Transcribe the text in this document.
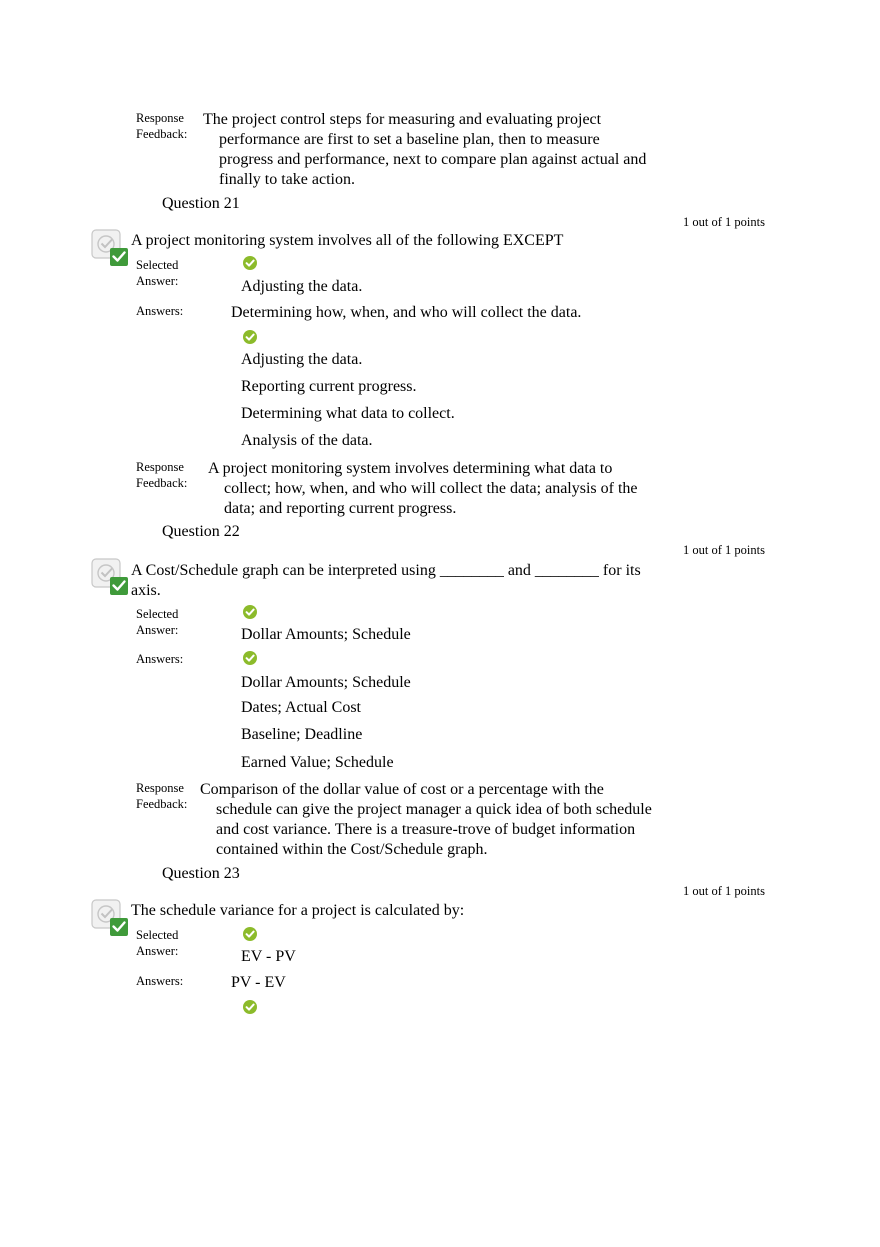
Response
Feedback:
The project control steps for measuring and evaluating project
performance are first to set a baseline plan, then to measure
progress and performance, next to compare plan against actual and
finally to take action.
Question 21
1 out of 1 points
A project monitoring system involves all of the following EXCEPT
Selected
Answer:	Adjusting the data.
Answers:	Determining how, when, and who will collect the data.
Adjusting the data.
Reporting current progress.
Determining what data to collect.
Analysis of the data.
Response
Feedback:
A project monitoring system involves determining what data to
collect; how, when, and who will collect the data; analysis of the
data; and reporting current progress.
Question 22
1 out of 1 points
A Cost/Schedule graph can be interpreted using ________ and ________ for its
axis.
Selected
Answer:	Dollar Amounts; Schedule
Answers:
Dollar Amounts; Schedule
Dates; Actual Cost
Baseline; Deadline
Earned Value; Schedule
Response
Feedback:
Comparison of the dollar value of cost or a percentage with the
schedule can give the project manager a quick idea of both schedule
and cost variance. There is a treasure-trove of budget information
contained within the Cost/Schedule graph.
Question 23
1 out of 1 points
The schedule variance for a project is calculated by:
Selected
Answer:	EV - PV
Answers:	PV - EV
